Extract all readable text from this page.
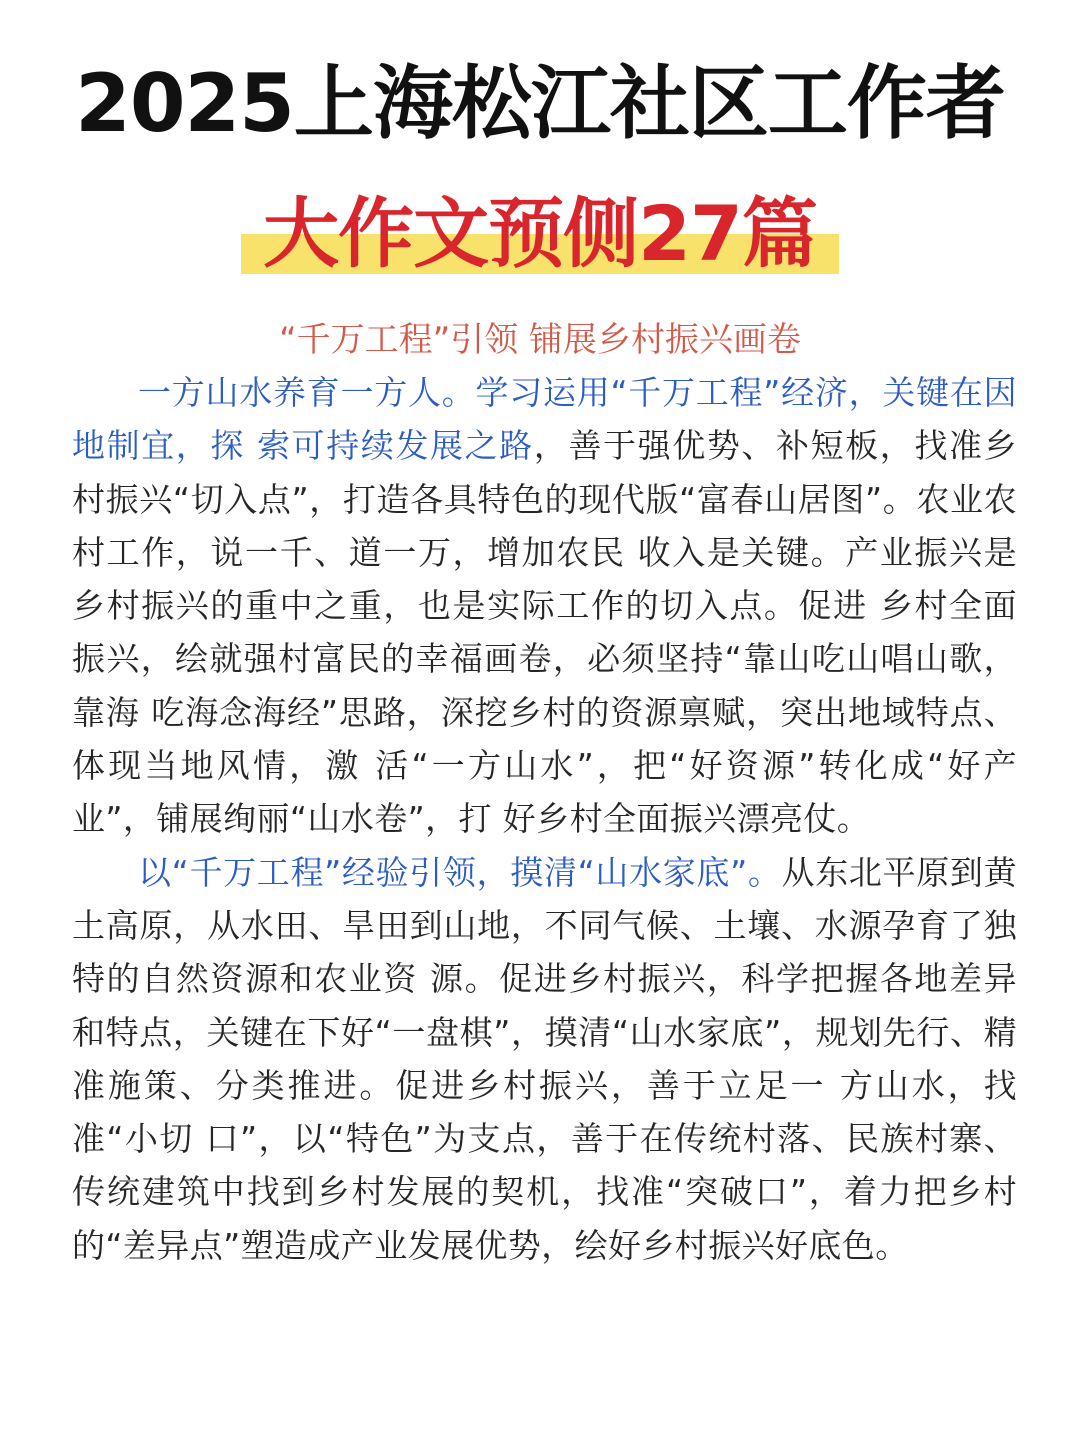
2025上海松江社区工作者
大作文预侧27篇
“千万工程”引领 铺展乡村振兴画卷

一方山水养育一方人。学习运用“千万工程”经济，关键在因地制宜，探 索可持续发展之路，善于强优势、补短板，找准乡村振兴“切入点”，打造各具特色的现代版“富春山居图”。农业农村工作，说一千、道一万，增加农民 收入是关键。产业振兴是乡村振兴的重中之重，也是实际工作的切入点。促进 乡村全面振兴，绘就强村富民的幸福画卷，必须坚持“靠山吃山唱山歌，靠海 吃海念海经”思路，深挖乡村的资源禀赋，突出地域特点、体现当地风情，激 活“一方山水”，把“好资源”转化成“好产业”，铺展绚丽“山水卷”，打 好乡村全面振兴漂亮仗。

以“千万工程”经验引领，摸清“山水家底”。从东北平原到黄土高原，从水田、旱田到山地，不同气候、土壤、水源孕育了独特的自然资源和农业资 源。促进乡村振兴，科学把握各地差异和特点，关键在下好“一盘棋”，摸清“山水家底”，规划先行、精准施策、分类推进。促进乡村振兴，善于立足一 方山水，找准“小切 口”，以“特色”为支点，善于在传统村落、民族村寨、传统建筑中找到乡村发展的契机，找准“突破口”，着力把乡村的“差异点”塑造成产业发展优势，绘好乡村振兴好底色。
